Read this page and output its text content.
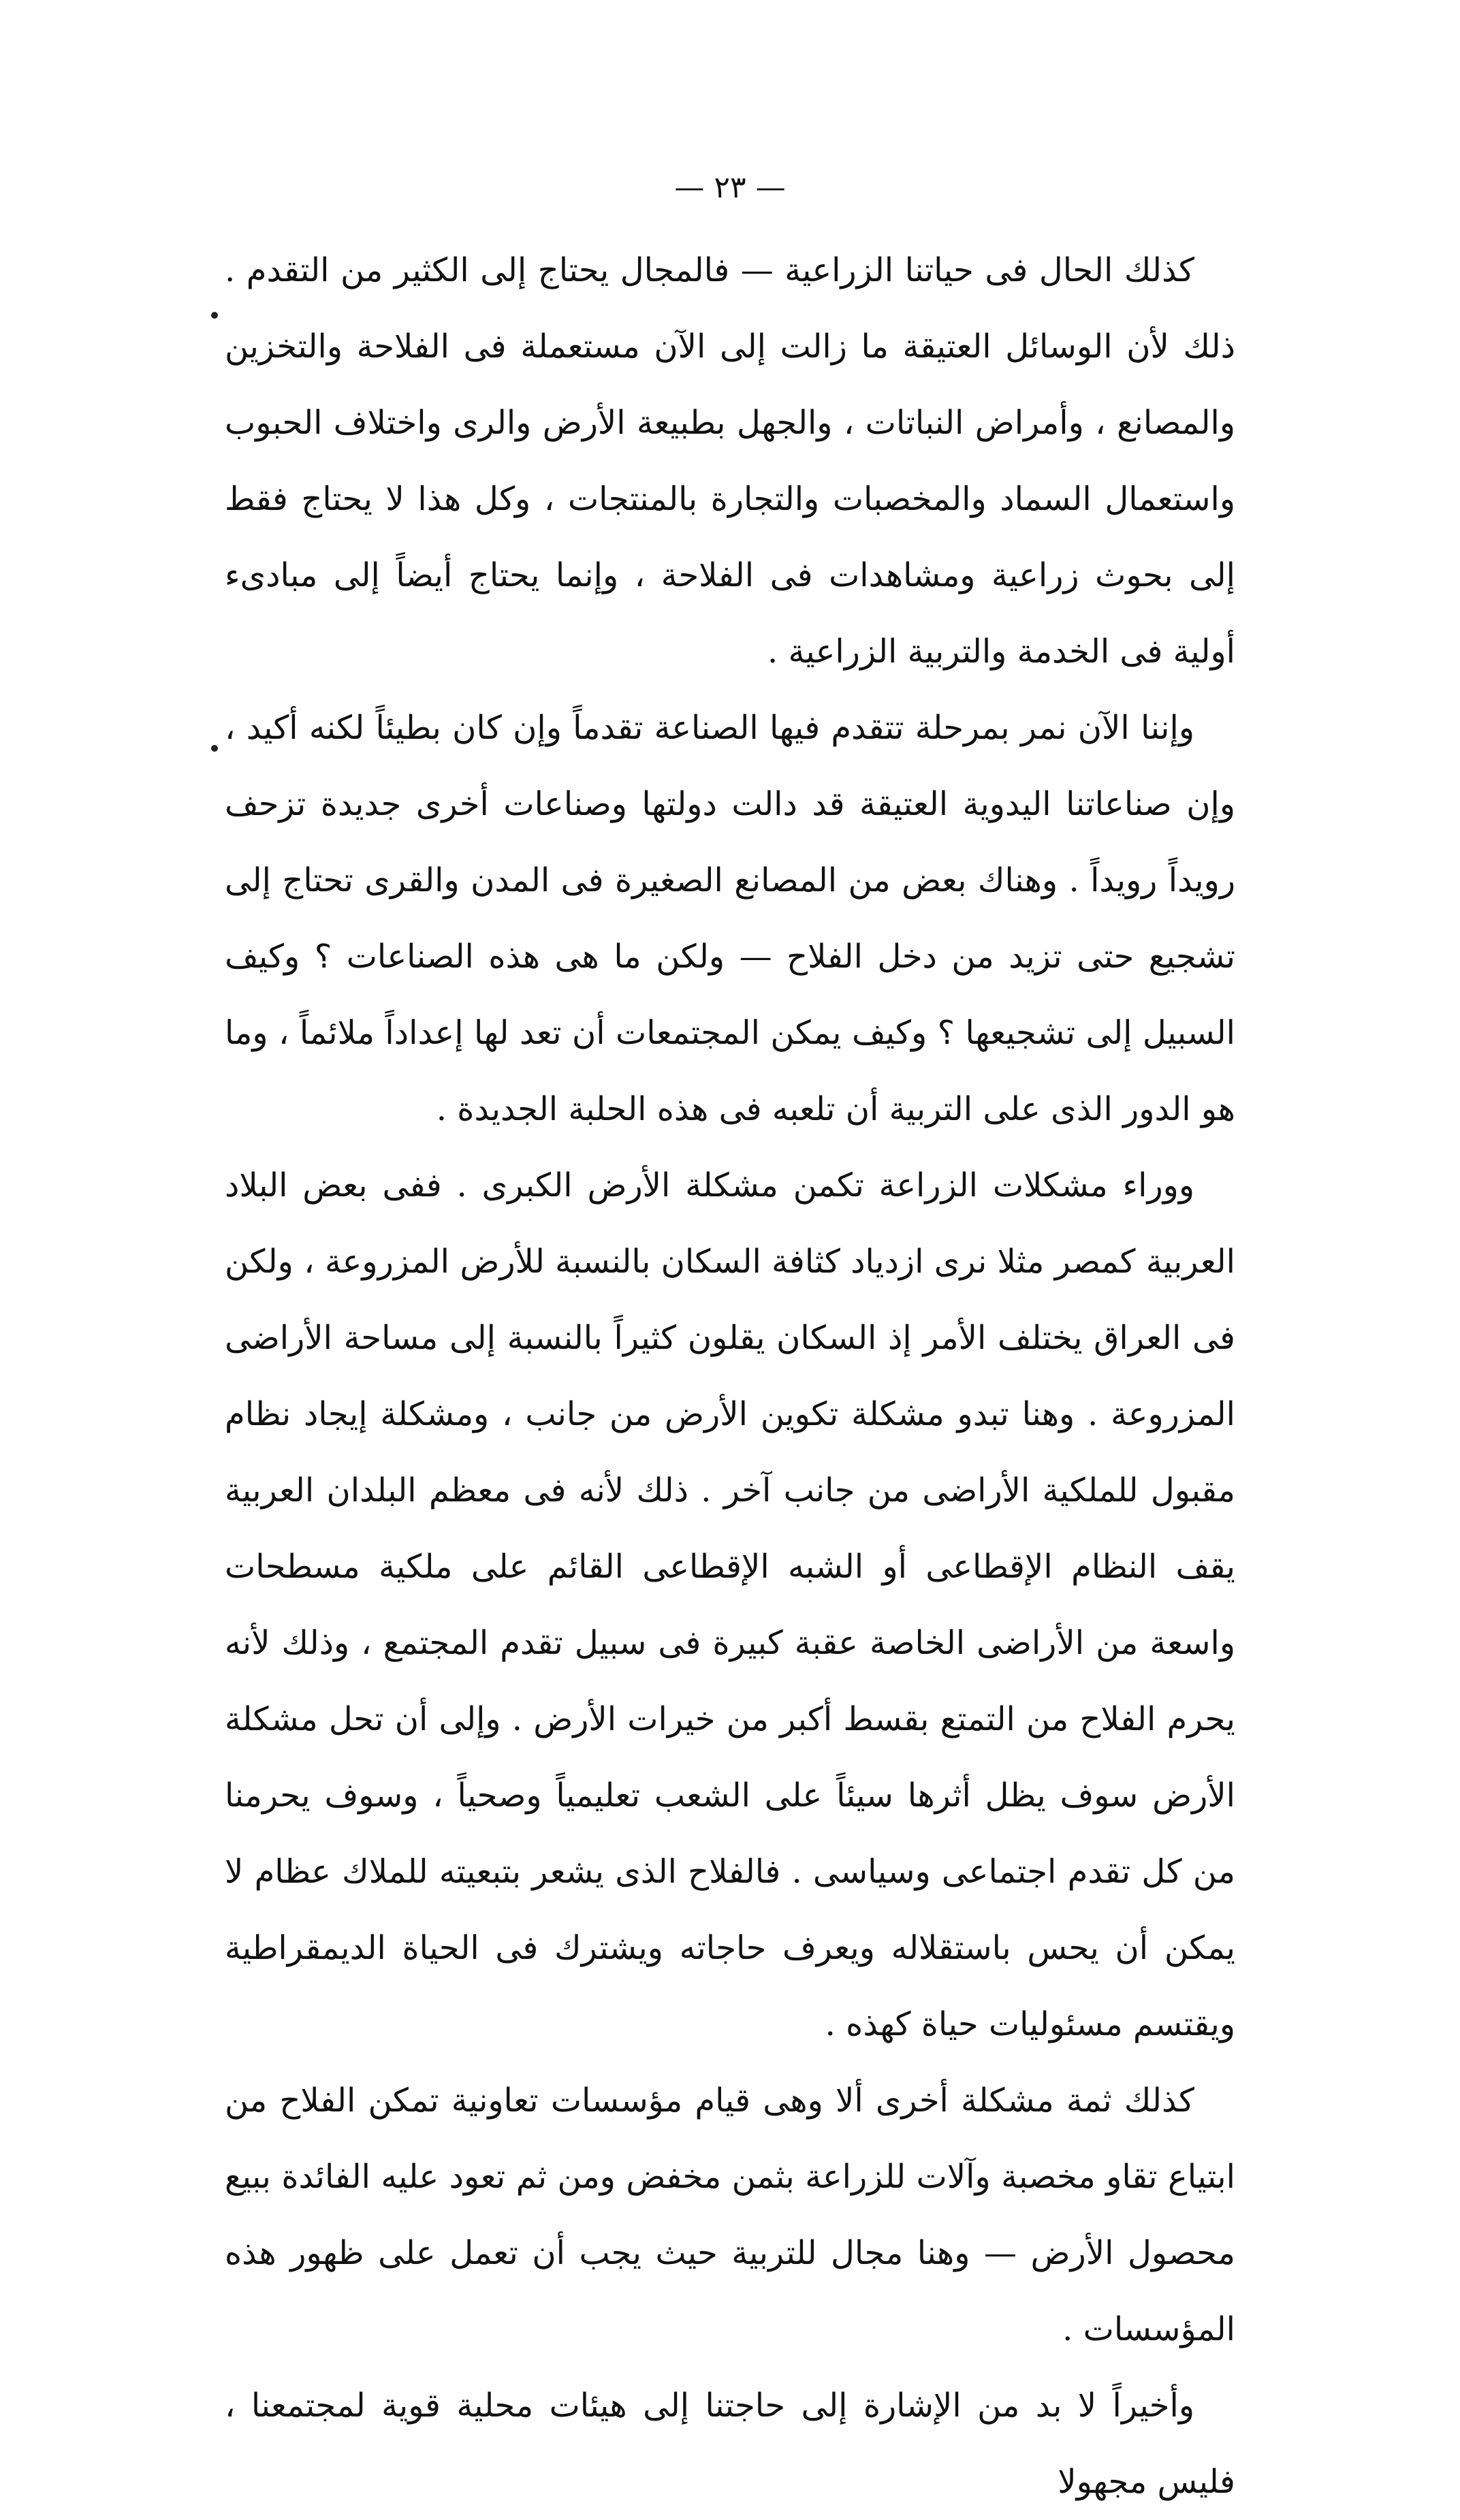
— ٢٣ —

كذلك الحال فى حياتنا الزراعية — فالمجال يحتاج إلى الكثير من التقدم . ذلك لأن الوسائل العتيقة ما زالت إلى الآن مستعملة فى الفلاحة والتخزين والمصانع ، وأمراض النباتات ، والجهل بطبيعة الأرض والرى واختلاف الحبوب واستعمال السماد والمخصبات والتجارة بالمنتجات ، وكل هذا لا يحتاج فقط إلى بحوث زراعية ومشاهدات فى الفلاحة ، وإنما يحتاج أيضاً إلى مبادىء أولية فى الخدمة والتربية الزراعية .

وإننا الآن نمر بمرحلة تتقدم فيها الصناعة تقدماً وإن كان بطيئاً لكنه أكيد ، وإن صناعاتنا اليدوية العتيقة قد دالت دولتها وصناعات أخرى جديدة تزحف رويداً رويداً . وهناك بعض من المصانع الصغيرة فى المدن والقرى تحتاج إلى تشجيع حتى تزيد من دخل الفلاح — ولكن ما هى هذه الصناعات ؟ وكيف السبيل إلى تشجيعها ؟ وكيف يمكن المجتمعات أن تعد لها إعداداً ملائماً ، وما هو الدور الذى على التربية أن تلعبه فى هذه الحلبة الجديدة .

ووراء مشكلات الزراعة تكمن مشكلة الأرض الكبرى . ففى بعض البلاد العربية كمصر مثلا نرى ازدياد كثافة السكان بالنسبة للأرض المزروعة ، ولكن فى العراق يختلف الأمر إذ السكان يقلون كثيراً بالنسبة إلى مساحة الأراضى المزروعة . وهنا تبدو مشكلة تكوين الأرض من جانب ، ومشكلة إيجاد نظام مقبول للملكية الأراضى من جانب آخر . ذلك لأنه فى معظم البلدان العربية يقف النظام الإقطاعى أو الشبه الإقطاعى القائم على ملكية مسطحات واسعة من الأراضى الخاصة عقبة كبيرة فى سبيل تقدم المجتمع ، وذلك لأنه يحرم الفلاح من التمتع بقسط أكبر من خيرات الأرض . وإلى أن تحل مشكلة الأرض سوف يظل أثرها سيئاً على الشعب تعليمياً وصحياً ، وسوف يحرمنا من كل تقدم اجتماعى وسياسى . فالفلاح الذى يشعر بتبعيته للملاك عظام لا يمكن أن يحس باستقلاله ويعرف حاجاته ويشترك فى الحياة الديمقراطية ويقتسم مسئوليات حياة كهذه .

كذلك ثمة مشكلة أخرى ألا وهى قيام مؤسسات تعاونية تمكن الفلاح من ابتياع تقاو مخصبة وآلات للزراعة بثمن مخفض ومن ثم تعود عليه الفائدة ببيع محصول الأرض — وهنا مجال للتربية حيث يجب أن تعمل على ظهور هذه المؤسسات .

وأخيراً لا بد من الإشارة إلى حاجتنا إلى هيئات محلية قوية لمجتمعنا ، فليس مجهولا
